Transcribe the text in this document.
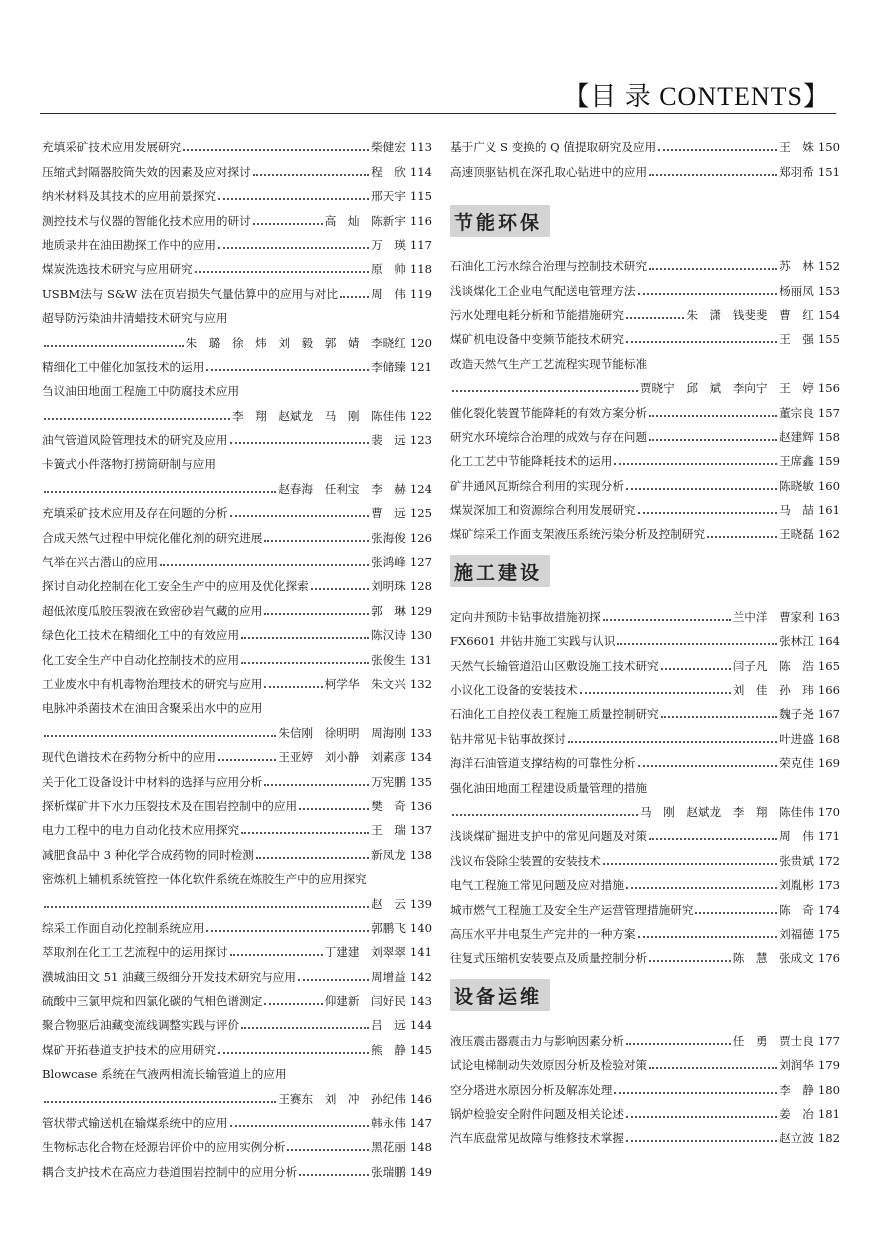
【目 录 CONTENTS】
充填采矿技术应用发展研究	柴健宏 113
压缩式封隔器胶筒失效的因素及应对探讨	程　欣 114
纳米材料及其技术的应用前景探究	邢天宇 115
测控技术与仪器的智能化技术应用的研讨	高　灿　陈新宇 116
地质录井在油田勘探工作中的应用	万　瑛 117
煤炭洗选技术研究与应用研究	原　帅 118
USBM法与 S&W 法在页岩损失气量估算中的应用与对比	周　伟 119
超导防污染油井清蜡技术研究与应用
朱　璐　徐　炜　刘　毅　郭　婧　李晓红 120
精细化工中催化加氢技术的运用	李储臻 121
刍议油田地面工程施工中防腐技术应用
李　翔　赵斌龙　马　刚　陈佳伟 122
油气管道风险管理技术的研究及应用	裴　远 123
卡簧式小件落物打捞筒研制与应用
赵春海　任利宝　李　赫 124
充填采矿技术应用及存在问题的分析	曹　远 125
合成天然气过程中甲烷化催化剂的研究进展	张海俊 126
气举在兴古潜山的应用	张鸿峰 127
探讨自动化控制在化工安全生产中的应用及优化探索	刘明珠 128
超低浓度瓜胶压裂液在致密砂岩气藏的应用	郭　琳 129
绿色化工技术在精细化工中的有效应用	陈汉诗 130
化工安全生产中自动化控制技术的应用	张俊生 131
工业废水中有机毒物治理技术的研究与应用	柯学华　朱文兴 132
电脉冲杀菌技术在油田含聚采出水中的应用
朱信刚　徐明明　周海刚 133
现代色谱技术在药物分析中的应用	王亚婷　刘小静　刘素彦 134
关于化工设备设计中材料的选择与应用分析	万宪鹏 135
探析煤矿井下水力压裂技术及在围岩控制中的应用	樊　奇 136
电力工程中的电力自动化技术应用探究	王　瑞 137
减肥食品中 3 种化学合成药物的同时检测	新凤龙 138
密炼机上辅机系统管控一体化软件系统在炼胶生产中的应用探究
赵　云 139
综采工作面自动化控制系统应用	郭鹏飞 140
萃取剂在化工工艺流程中的运用探讨	丁建建　刘翠翠 141
濮城油田文 51 油藏三级细分开发技术研究与应用	周增益 142
硫酸中三氯甲烷和四氯化碳的气相色谱测定	仰建新　闫好民 143
聚合物驱后油藏变流线调整实践与评价	吕　远 144
煤矿开拓巷道支护技术的应用研究	熊　静 145
Blowcase 系统在气液两相流长输管道上的应用
王赛东　刘　冲　孙纪伟 146
管状带式输送机在输煤系统中的应用	韩永伟 147
生物标志化合物在烃源岩评价中的应用实例分析	黑花丽 148
耦合支护技术在高应力巷道围岩控制中的应用分析	张瑞鹏 149
基于广义 S 变换的 Q 值提取研究及应用	王　姝 150
高速顶驱钻机在深孔取心钻进中的应用	郑羽希 151
节能环保
石油化工污水综合治理与控制技术研究	苏　林 152
浅谈煤化工企业电气配送电管理方法	杨丽凤 153
污水处理电耗分析和节能措施研究	朱　潇　钱斐斐　曹　红 154
煤矿机电设备中变频节能技术研究	王　强 155
改造天然气生产工艺流程实现节能标准
贾晓宁　邱　斌　李向宁　王　婷 156
催化裂化装置节能降耗的有效方案分析	董宗良 157
研究水环境综合治理的成效与存在问题	赵建辉 158
化工工艺中节能降耗技术的运用	王席鑫 159
矿井通风瓦斯综合利用的实现分析	陈晓敏 160
煤炭深加工和资源综合利用发展研究	马　喆 161
煤矿综采工作面支架液压系统污染分析及控制研究	王晓磊 162
施工建设
定向井预防卡钻事故措施初探	兰中洋　曹家利 163
FX6601 井钻井施工实践与认识	张林江 164
天然气长输管道沿山区敷设施工技术研究	闫子凡　陈　浩 165
小议化工设备的安装技术	刘　佳　孙　玮 166
石油化工自控仪表工程施工质量控制研究	魏子尧 167
钻井常见卡钻事故探讨	叶进盛 168
海洋石油管道支撑结构的可靠性分析	荣克佳 169
强化油田地面工程建设质量管理的措施
马　刚　赵斌龙　李　翔　陈佳伟 170
浅谈煤矿掘进支护中的常见问题及对策	周　伟 171
浅议布袋除尘装置的安装技术	张贵斌 172
电气工程施工常见问题及应对措施	刘胤彬 173
城市燃气工程施工及安全生产运营管理措施研究	陈　奇 174
高压水平井电泵生产完井的一种方案	刘福德 175
往复式压缩机安装要点及质量控制分析	陈　慧　张成文 176
设备运维
液压震击器震击力与影响因素分析	任　勇　贾士良 177
试论电梯制动失效原因分析及检验对策	刘润华 179
空分塔进水原因分析及解冻处理	李　静 180
锅炉检验安全附件问题及相关论述	姜　冶 181
汽车底盘常见故障与维修技术掌握	赵立波 182
